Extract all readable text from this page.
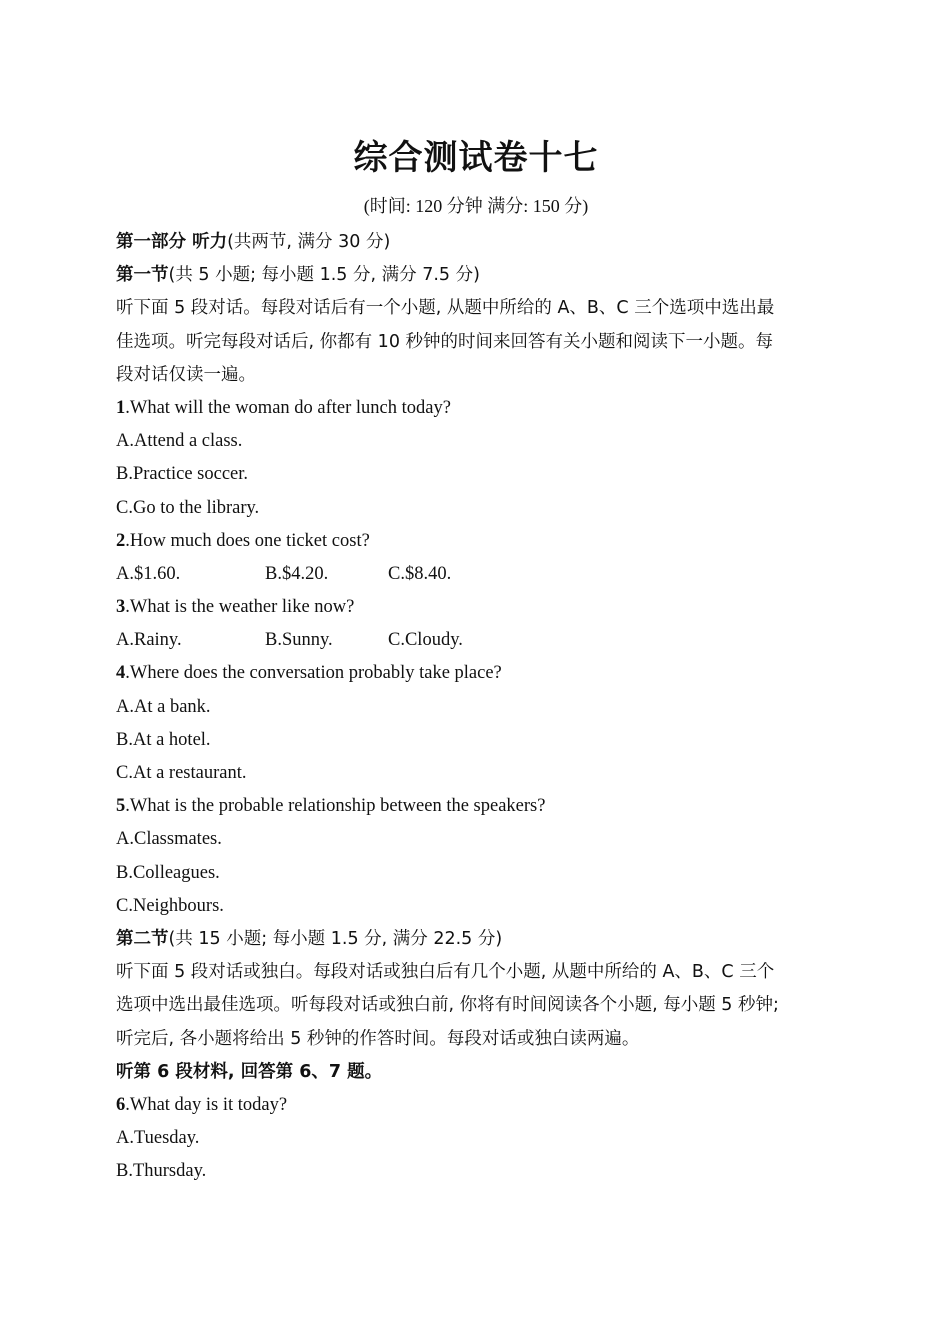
综合测试卷十七
(时间: 120 分钟 满分: 150 分)
第一部分 听力(共两节, 满分 30 分)
第一节(共 5 小题; 每小题 1.5 分, 满分 7.5 分)
听下面 5 段对话。每段对话后有一个小题, 从题中所给的 A、B、C 三个选项中选出最
佳选项。听完每段对话后, 你都有 10 秒钟的时间来回答有关小题和阅读下一小题。每
段对话仅读一遍。
1.What will the woman do after lunch today?
A.Attend a class.
B.Practice soccer.
C.Go to the library.
2.How much does one ticket cost?
A.$1.60.	B.$4.20.	C.$8.40.
3.What is the weather like now?
A.Rainy.	B.Sunny.	C.Cloudy.
4.Where does the conversation probably take place?
A.At a bank.
B.At a hotel.
C.At a restaurant.
5.What is the probable relationship between the speakers?
A.Classmates.
B.Colleagues.
C.Neighbours.
第二节(共 15 小题; 每小题 1.5 分, 满分 22.5 分)
听下面 5 段对话或独白。每段对话或独白后有几个小题, 从题中所给的 A、B、C 三个
选项中选出最佳选项。听每段对话或独白前, 你将有时间阅读各个小题, 每小题 5 秒钟;
听完后, 各小题将给出 5 秒钟的作答时间。每段对话或独白读两遍。
听第 6 段材料, 回答第 6、7 题。
6.What day is it today?
A.Tuesday.
B.Thursday.
